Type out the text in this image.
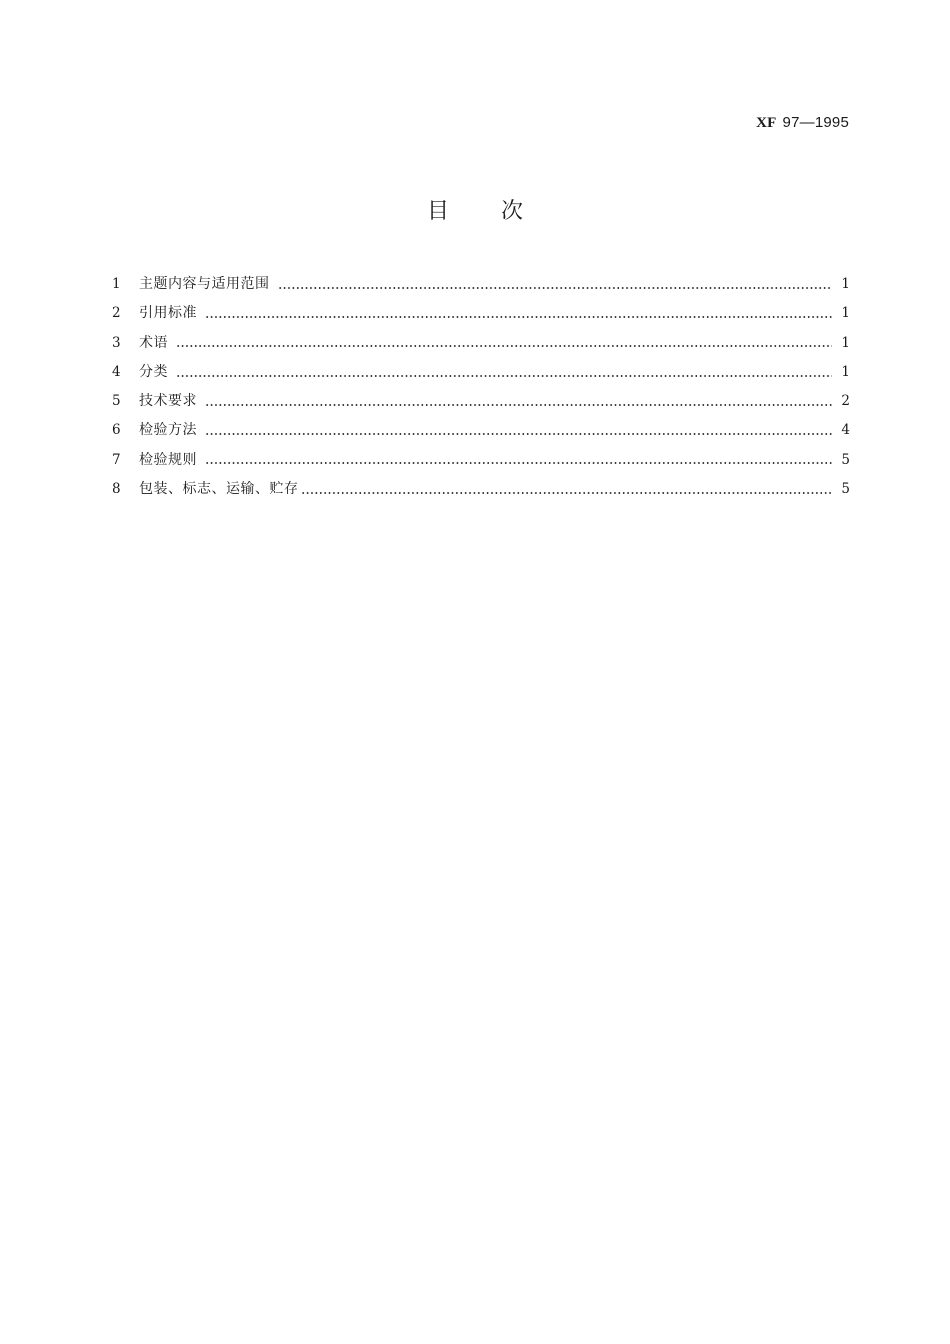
XF 97—1995
目 次
1	主题内容与适用范围	1
2	引用标准	1
3	术语	1
4	分类	1
5	技术要求	2
6	检验方法	4
7	检验规则	5
8	包装、标志、运输、贮存	5
